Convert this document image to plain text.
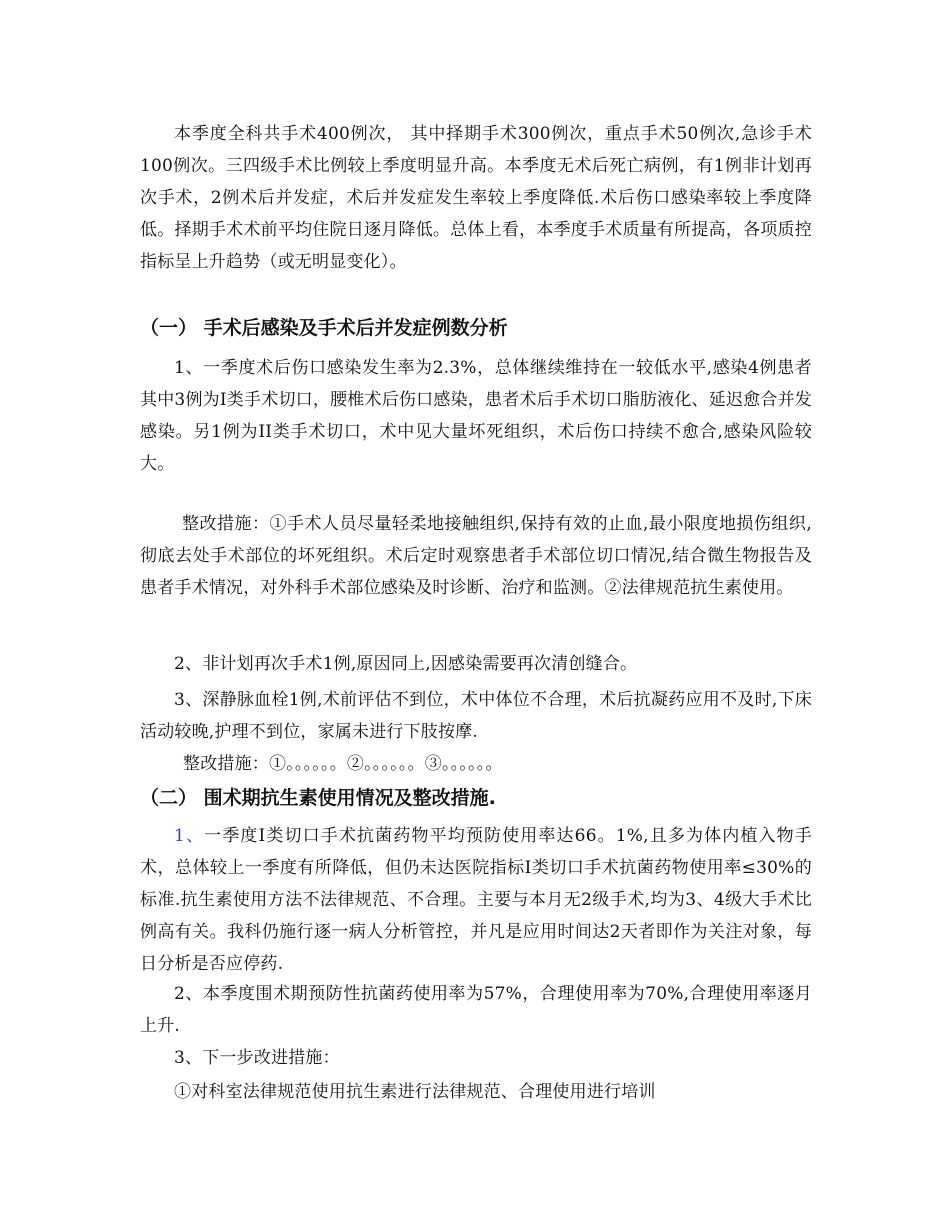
本季度全科共手术400例次， 其中择期手术300例次，重点手术50例次,急诊手术100例次。三四级手术比例较上季度明显升高。本季度无术后死亡病例，有1例非计划再次手术，2例术后并发症，术后并发症发生率较上季度降低.术后伤口感染率较上季度降低。择期手术术前平均住院日逐月降低。总体上看，本季度手术质量有所提高，各项质控指标呈上升趋势（或无明显变化）。

（一） 手术后感染及手术后并发症例数分析

1、一季度术后伤口感染发生率为2.3%，总体继续维持在一较低水平,感染4例患者其中3例为Ⅰ类手术切口，腰椎术后伤口感染，患者术后手术切口脂肪液化、延迟愈合并发感染。另1例为II类手术切口，术中见大量坏死组织，术后伤口持续不愈合,感染风险较大。

整改措施：①手术人员尽量轻柔地接触组织,保持有效的止血,最小限度地损伤组织,彻底去处手术部位的坏死组织。术后定时观察患者手术部位切口情况,结合微生物报告及患者手术情况，对外科手术部位感染及时诊断、治疗和监测。②法律规范抗生素使用。

2、非计划再次手术1例,原因同上,因感染需要再次清创缝合。

3、深静脉血栓1例,术前评估不到位，术中体位不合理，术后抗凝药应用不及时,下床活动较晚,护理不到位，家属未进行下肢按摩.

整改措施：①。。。。。。②。。。。。。③。。。。。。

（二） 围术期抗生素使用情况及整改措施.

1、一季度I类切口手术抗菌药物平均预防使用率达66。1%,且多为体内植入物手术，总体较上一季度有所降低，但仍未达医院指标Ⅰ类切口手术抗菌药物使用率≤30%的标准.抗生素使用方法不法律规范、不合理。主要与本月无2级手术,均为3、4级大手术比例高有关。我科仍施行逐一病人分析管控，并凡是应用时间达2天者即作为关注对象，每日分析是否应停药.

2、本季度围术期预防性抗菌药使用率为57%，合理使用率为70%,合理使用率逐月上升.

3、下一步改进措施：

①对科室法律规范使用抗生素进行法律规范、合理使用进行培训
